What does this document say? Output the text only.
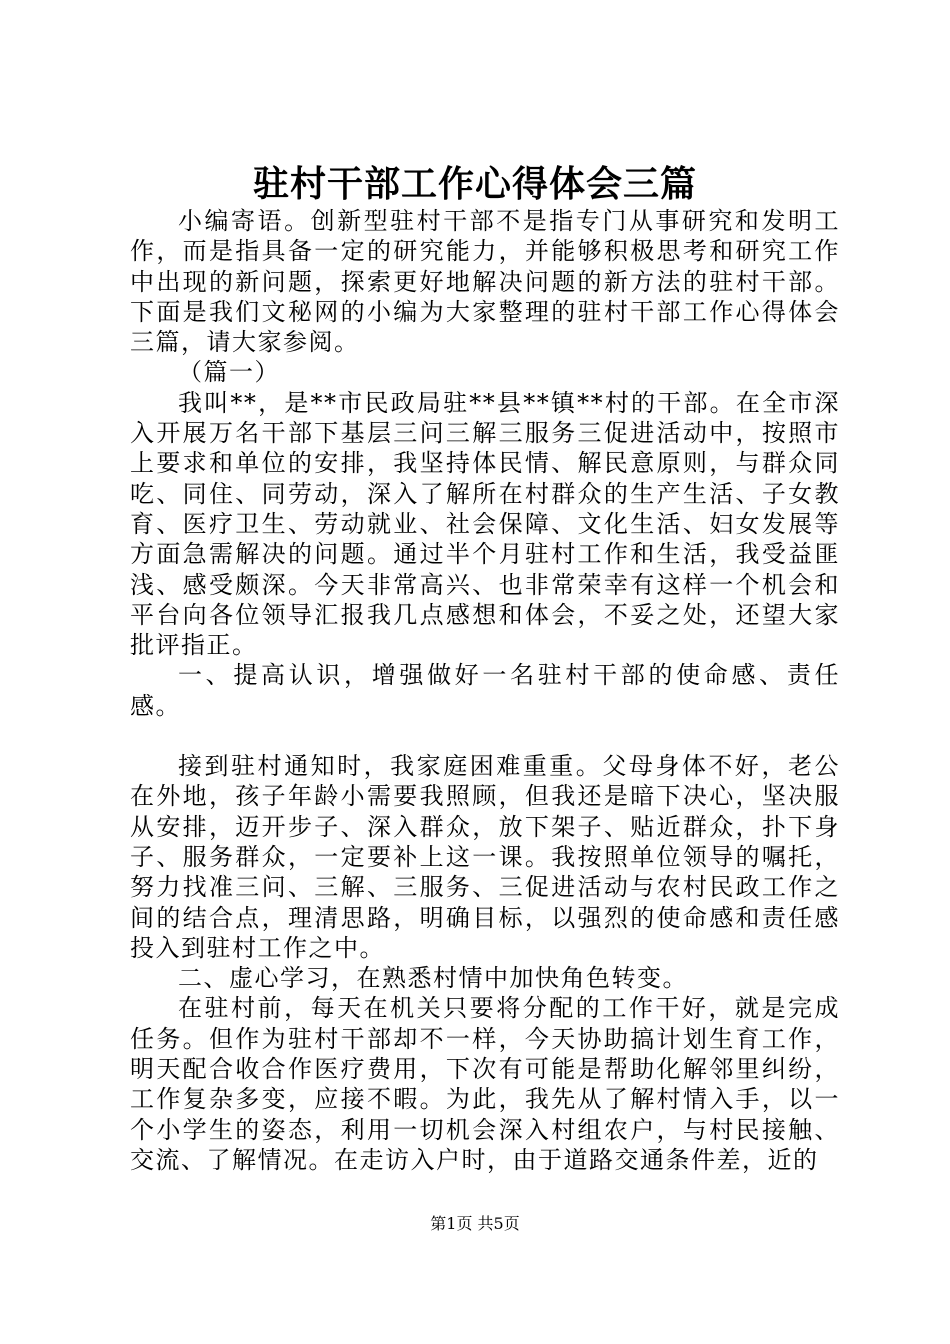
驻村干部工作心得体会三篇

小编寄语。创新型驻村干部不是指专门从事研究和发明工作，而是指具备一定的研究能力，并能够积极思考和研究工作中出现的新问题，探索更好地解决问题的新方法的驻村干部。下面是我们文秘网的小编为大家整理的驻村干部工作心得体会三篇，请大家参阅。

（篇一）

我叫**，是**市民政局驻**县**镇**村的干部。在全市深入开展万名干部下基层三问三解三服务三促进活动中，按照市上要求和单位的安排，我坚持体民情、解民意原则，与群众同吃、同住、同劳动，深入了解所在村群众的生产生活、子女教育、医疗卫生、劳动就业、社会保障、文化生活、妇女发展等方面急需解决的问题。通过半个月驻村工作和生活，我受益匪浅、感受颇深。今天非常高兴、也非常荣幸有这样一个机会和平台向各位领导汇报我几点感想和体会，不妥之处，还望大家批评指正。

一、提高认识，增强做好一名驻村干部的使命感、责任感。

接到驻村通知时，我家庭困难重重。父母身体不好，老公在外地，孩子年龄小需要我照顾，但我还是暗下决心，坚决服从安排，迈开步子、深入群众，放下架子、贴近群众，扑下身子、服务群众，一定要补上这一课。我按照单位领导的嘱托，努力找准三问、三解、三服务、三促进活动与农村民政工作之间的结合点，理清思路，明确目标，以强烈的使命感和责任感投入到驻村工作之中。

二、虚心学习，在熟悉村情中加快角色转变。

在驻村前，每天在机关只要将分配的工作干好，就是完成任务。但作为驻村干部却不一样，今天协助搞计划生育工作，明天配合收合作医疗费用，下次有可能是帮助化解邻里纠纷，工作复杂多变，应接不暇。为此，我先从了解村情入手，以一个小学生的姿态，利用一切机会深入村组农户，与村民接触、交流、了解情况。在走访入户时，由于道路交通条件差，近的

第1页 共5页
